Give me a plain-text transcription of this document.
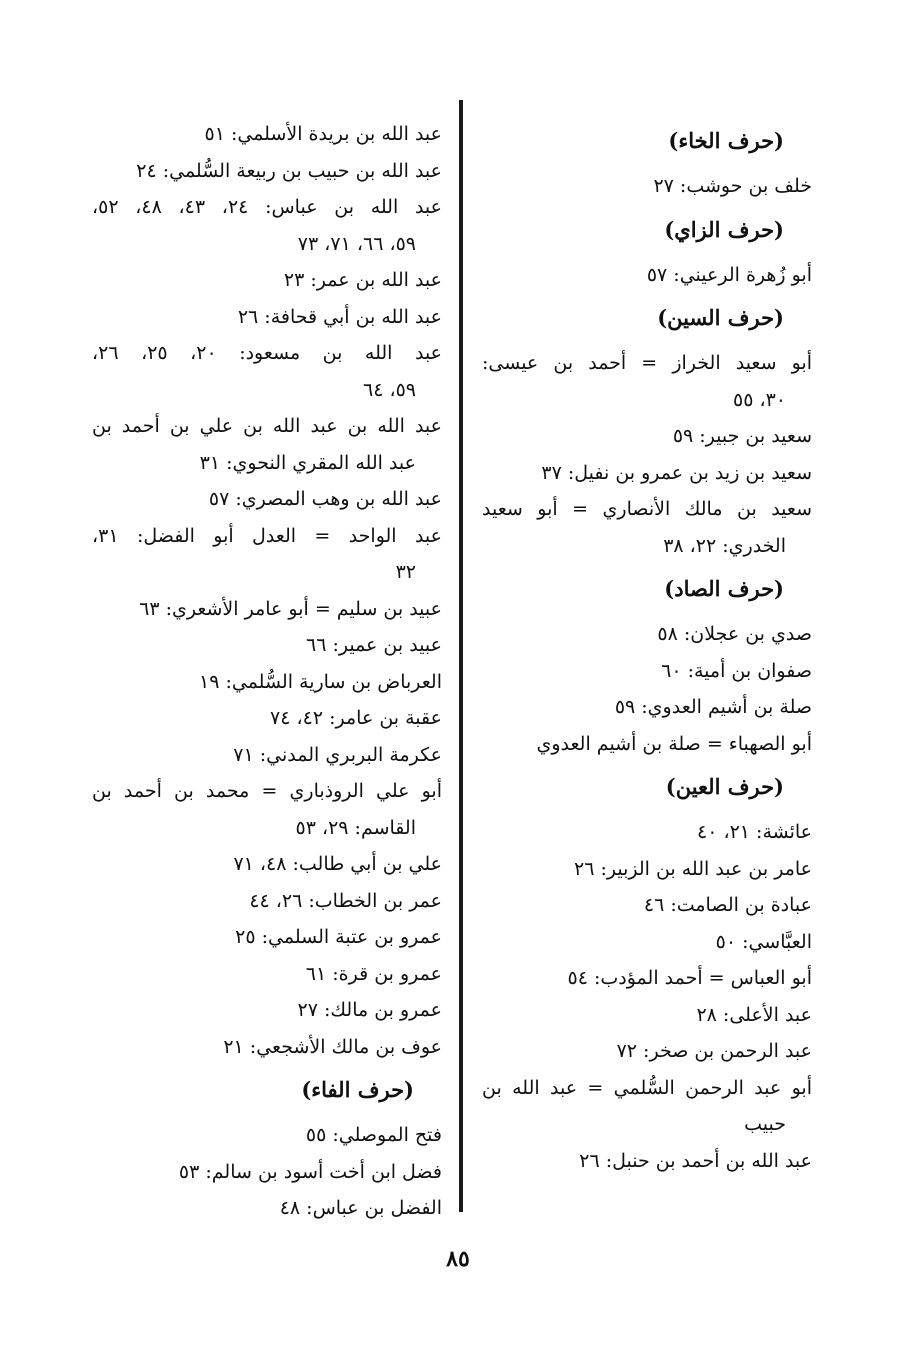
(حرف الخاء)
خلف بن حوشب: ٢٧
(حرف الزاي)
أبو زُهرة الرعيني: ٥٧
(حرف السين)
أبو سعيد الخراز = أحمد بن عيسى:
٣٠، ٥٥
سعيد بن جبير: ٥٩
سعيد بن زيد بن عمرو بن نفيل: ٣٧
سعيد بن مالك الأنصاري = أبو سعيد
الخدري: ٢٢، ٣٨
(حرف الصاد)
صدي بن عجلان: ٥٨
صفوان بن أمية: ٦٠
صلة بن أشيم العدوي: ٥٩
أبو الصهباء = صلة بن أشيم العدوي
(حرف العين)
عائشة: ٢١، ٤٠
عامر بن عبد الله بن الزبير: ٢٦
عبادة بن الصامت: ٤٦
العبَّاسي: ٥٠
أبو العباس = أحمد المؤدب: ٥٤
عبد الأعلى: ٢٨
عبد الرحمن بن صخر: ٧٢
أبو عبد الرحمن السُّلمي = عبد الله بن
حبيب
عبد الله بن أحمد بن حنبل: ٢٦
عبد الله بن بريدة الأسلمي: ٥١
عبد الله بن حبيب بن ربيعة السُّلمي: ٢٤
عبد الله بن عباس: ٢٤، ٤٣، ٤٨، ٥٢،
٥٩، ٦٦، ٧١، ٧٣
عبد الله بن عمر: ٢٣
عبد الله بن أبي قحافة: ٢٦
عبد الله بن مسعود: ٢٠، ٢٥، ٢٦،
٥٩، ٦٤
عبد الله بن عبد الله بن علي بن أحمد بن
عبد الله المقري النحوي: ٣١
عبد الله بن وهب المصري: ٥٧
عبد الواحد = العدل أبو الفضل: ٣١،
٣٢
عبيد بن سليم = أبو عامر الأشعري: ٦٣
عبيد بن عمير: ٦٦
العرباض بن سارية السُّلمي: ١٩
عقبة بن عامر: ٤٢، ٧٤
عكرمة البربري المدني: ٧١
أبو علي الروذباري = محمد بن أحمد بن
القاسم: ٢٩، ٥٣
علي بن أبي طالب: ٤٨، ٧١
عمر بن الخطاب: ٢٦، ٤٤
عمرو بن عتبة السلمي: ٢٥
عمرو بن قرة: ٦١
عمرو بن مالك: ٢٧
عوف بن مالك الأشجعي: ٢١
(حرف الفاء)
فتح الموصلي: ٥٥
فضل ابن أخت أسود بن سالم: ٥٣
الفضل بن عباس: ٤٨
٨٥
